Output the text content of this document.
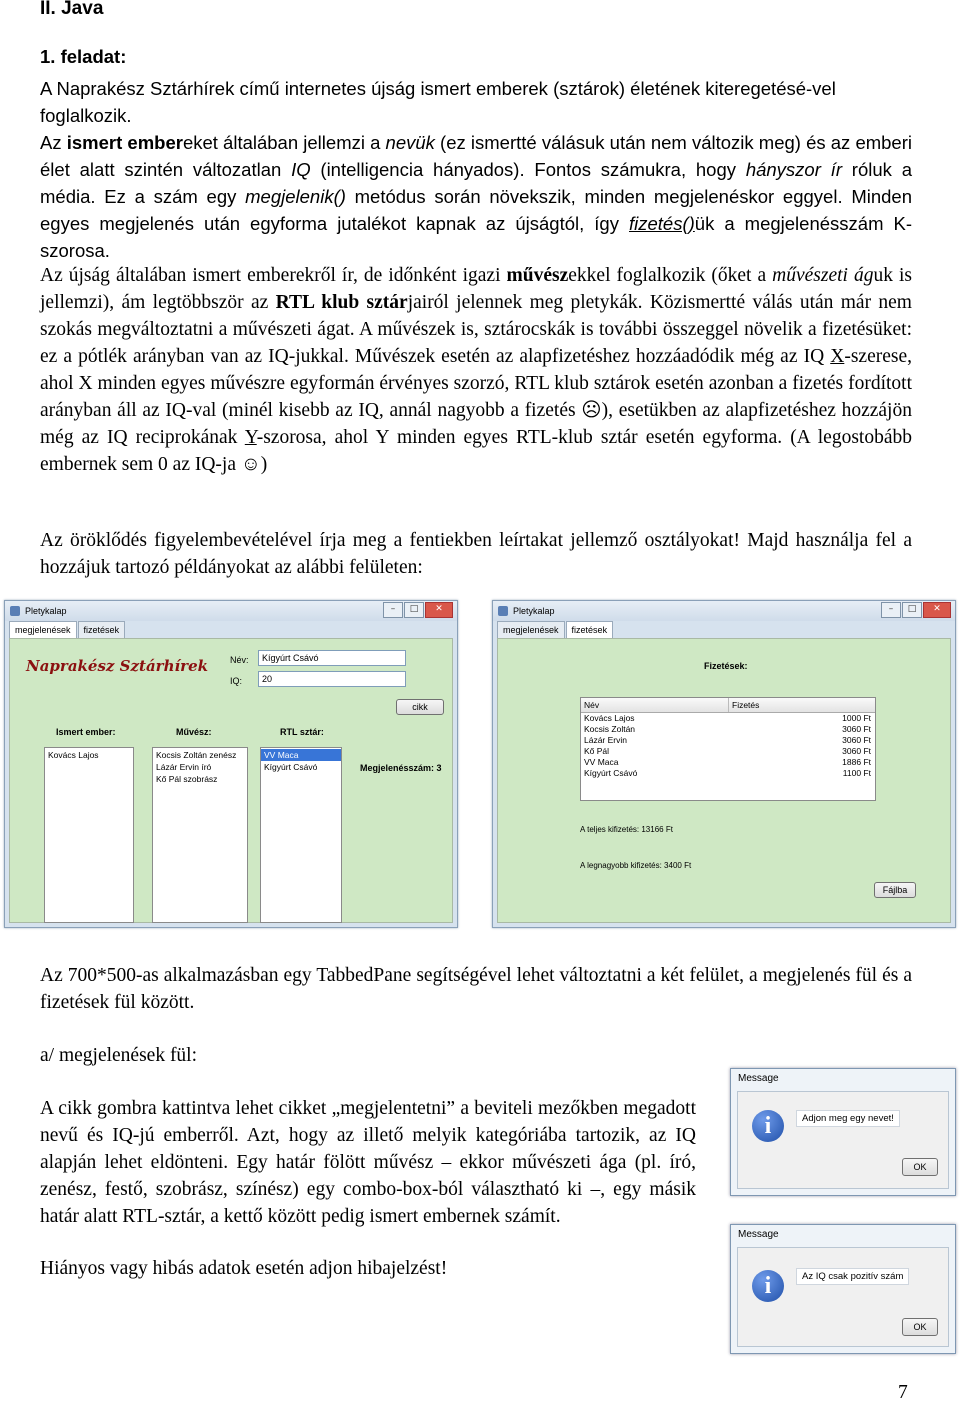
II. Java
1. feladat:

A Naprakész Sztárhírek című internetes újság ismert emberek (sztárok) életének kiteregetésé-vel foglalkozik.

Az ismert embereket általában jellemzi a nevük (ez ismertté válásuk után nem változik meg) és az emberi élet alatt szintén változatlan IQ (intelligencia hányados). Fontos számukra, hogy hányszor ír róluk a média. Ez a szám egy megjelenik() metódus során növekszik, minden megjelenéskor eggyel. Minden egyes megjelenés után egyforma jutalékot kapnak az újságtól, így fizetés()ük a megjelenésszám K-szorosa.

Az újság általában ismert emberekről ír, de időnként igazi művészekkel foglalkozik (őket a művészeti águk is jellemzi), ám legtöbbször az RTL klub sztárjairól jelennek meg pletykák. Közismertté válás után már nem szokás megváltoztatni a művészeti ágat. A művészek is, sztárocskák is további összeggel növelik a fizetésüket: ez a pótlék arányban van az IQ-jukkal. Művészek esetén az alapfizetéshez hozzáadódik még az IQ X-szerese, ahol X minden egyes művészre egyformán érvényes szorzó, RTL klub sztárok esetén azonban a fizetés fordított arányban áll az IQ-val (minél kisebb az IQ, annál nagyobb a fizetés ☹), esetükben az alapfizetéshez hozzájön még az IQ reciprokának Y-szorosa, ahol Y minden egyes RTL-klub sztár esetén egyforma. (A legostobább embernek sem 0 az IQ-ja ☺)

Az öröklődés figyelembevételével írja meg a fentiekben leírtakat jellemző osztályokat! Majd használja fel a hozzájuk tartozó példányokat az alábbi felületen:

Pletykalap	–	□	✕
megjelenések	fizetések
Naprakész Sztárhírek Név:	Kígyúrt Csávó
IQ:	20
cikk
Ismert ember:	Művész:	RTL sztár:
Kovács Lajos	Kocsis Zoltán zenész
Lázár Ervin író
Kő Pál szobrász
VV Maca
Kígyúrt Csávó	Megjelenésszám: 3
Pletykalap	–	□	✕
megjelenések	fizetések
Fizetések:
Név	Fizetés
Kovács Lajos	1000 Ft
Kocsis Zoltán	3060 Ft
Lázár Ervin	3060 Ft
Kő Pál	3060 Ft
VV Maca	1886 Ft
Kígyúrt Csávó	1100 Ft
A teljes kifizetés: 13166 Ft
A legnagyobb kifizetés: 3400 Ft
Fájlba

Az 700*500-as alkalmazásban egy TabbedPane segítségével lehet változtatni a két felület, a megjelenés fül és a fizetések fül között.

a/ megjelenések fül:

A cikk gombra kattintva lehet cikket „megjelentetni” a beviteli mezőkben megadott nevű és IQ-jú emberről. Azt, hogy az illető melyik kategóriába tartozik, az IQ alapján lehet eldönteni. Egy határ fölött művész – ekkor művészeti ága (pl. író, zenész, festő, szobrász, színész) egy combo-box-ból választható ki –, egy másik határ alatt RTL-sztár, a kettő között pedig ismert embernek számít.

Hiányos vagy hibás adatok esetén adjon hibajelzést!

Message
i	Adjon meg egy nevet!
OK
Message
i	Az IQ csak pozitív szám
OK
7
